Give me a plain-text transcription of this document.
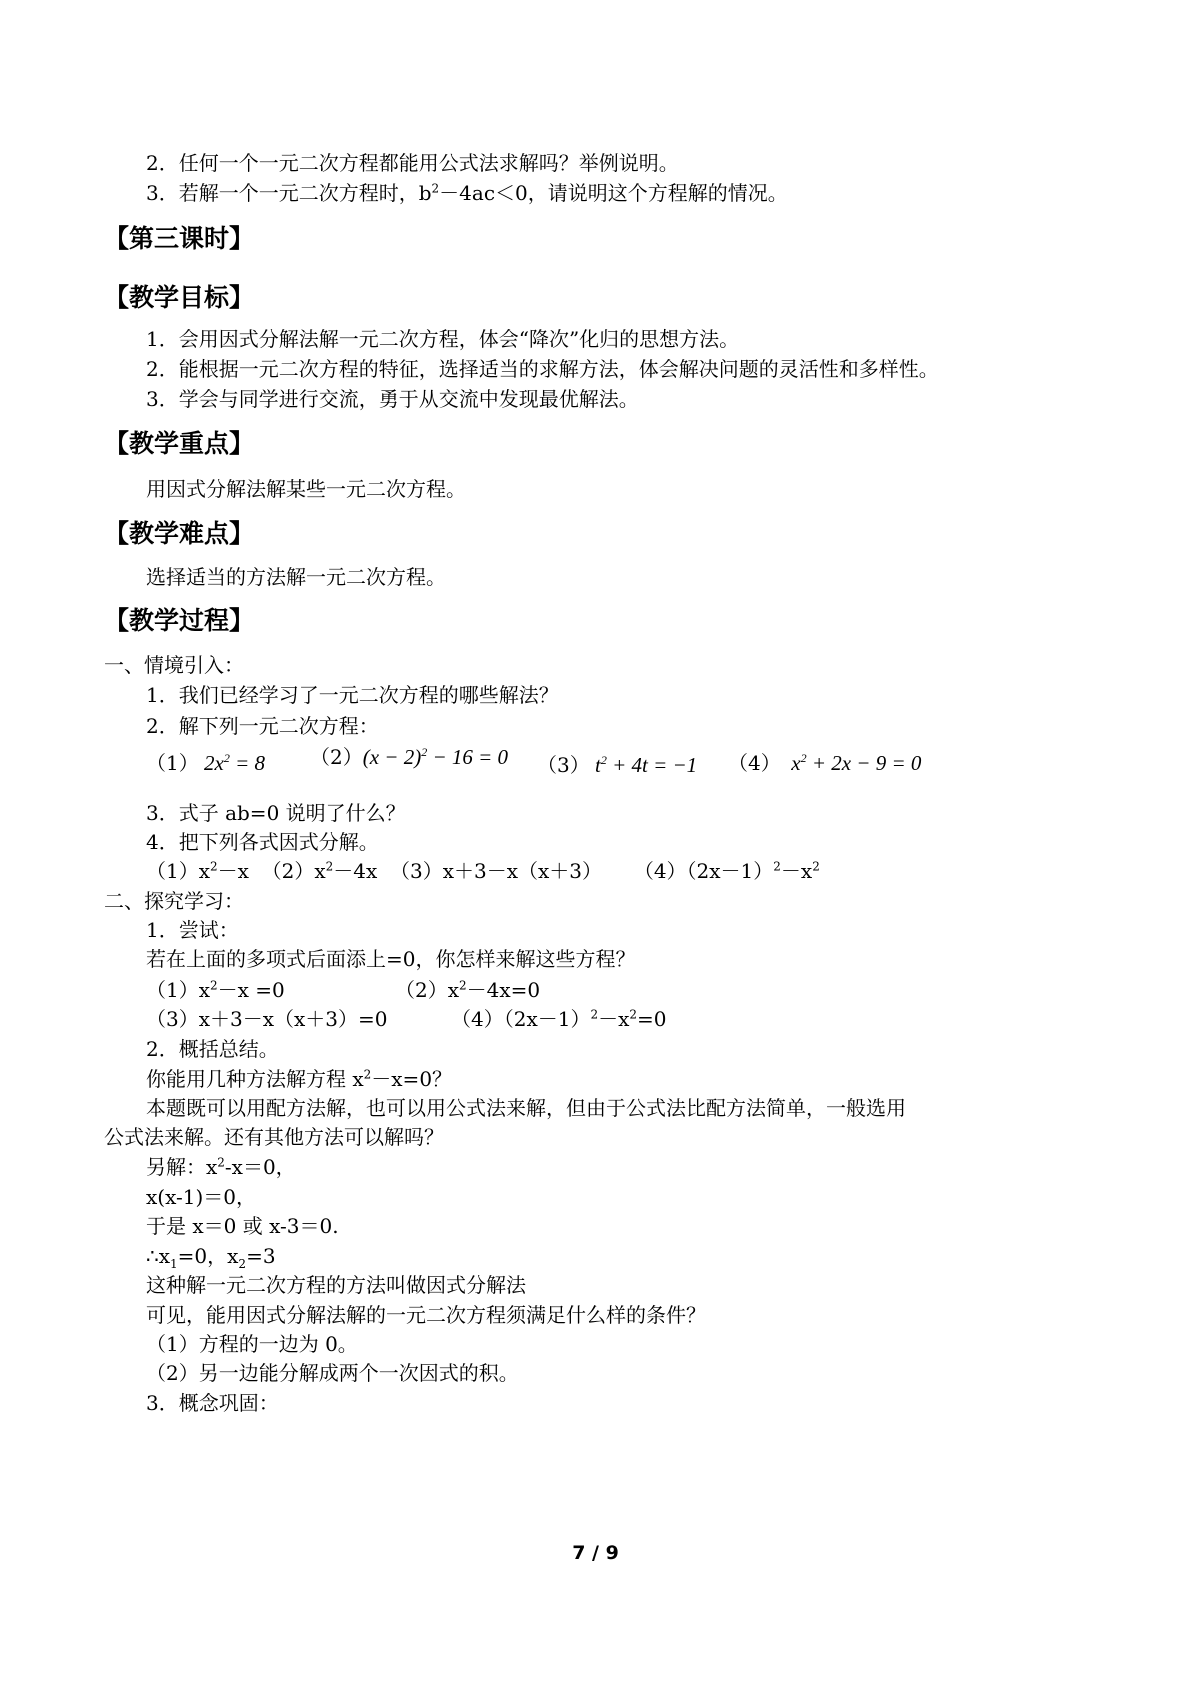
2．任何一个一元二次方程都能用公式法求解吗？举例说明。
3．若解一个一元二次方程时，$b^2-4ac<0$，请说明这个方程解的情况。
【第三课时】
【教学目标】
1．会用因式分解法解一元二次方程，体会“降次”化归的思想方法。
2．能根据一元二次方程的特征，选择适当的求解方法，体会解决问题的灵活性和多样性。
3．学会与同学进行交流，勇于从交流中发现最优解法。
【教学重点】
用因式分解法解某些一元二次方程。
【教学难点】
选择适当的方法解一元二次方程。
【教学过程】
一、情境引入：
1．我们已经学习了一元二次方程的哪些解法？
2．解下列一元二次方程：
（1） $2x^2 = 8$ $(2)(x - 2)^2 - 16 = 0$ （3） $t^2 + 4t = -1$ （4）  $x^2 + 2x - 9 = 0$
3．式子 ab=0 说明了什么？
4．把下列各式因式分解。
$(1)x^2-x$  $(2)x^2-4x$  （3）x＋3－x（x＋3）     $(4)(2x-1)^2-x^2$
二、探究学习：
1．尝试：
若在上面的多项式后面添上=0，你怎样来解这些方程？
$(1)x^2-x =0$	$(2)x^2-4x=0$
（3）x＋3－x（x＋3）=0	$(4)(2x-1)^2-x^2=0$
2．概括总结。
你能用几种方法解方程 $x^2-x=0$？
本题既可以用配方法解，也可以用公式法来解，但由于公式法比配方法简单，一般选用
公式法来解。还有其他方法可以解吗？
另解：$x^2-x=0$，
x(x-1)＝0，
于是 x＝0 或 x-3＝0.
$\therefore x_1=0$，$x_2=3$
这种解一元二次方程的方法叫做因式分解法
可见，能用因式分解法解的一元二次方程须满足什么样的条件？
（1）方程的一边为 0。
（2）另一边能分解成两个一次因式的积。
3．概念巩固：
7 / 9
